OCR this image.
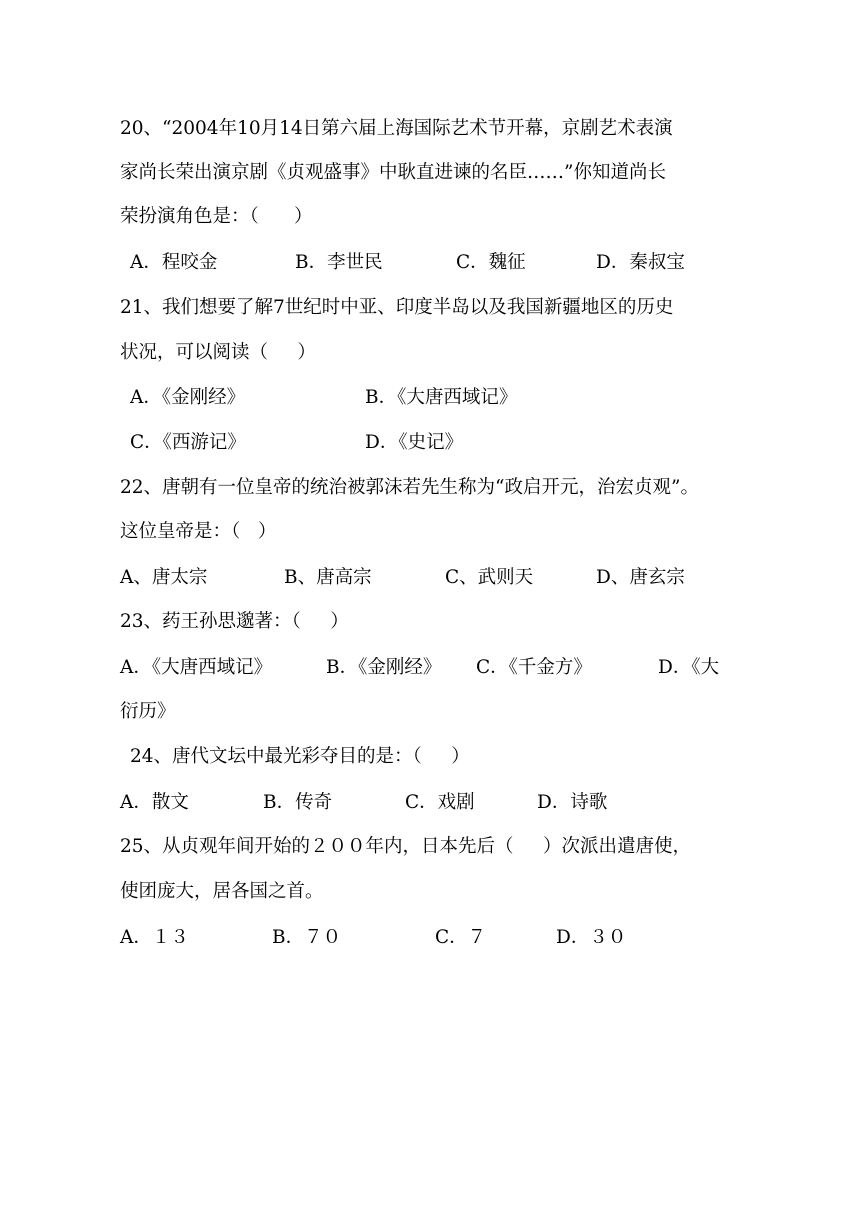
20、“2004年10月14日第六届上海国际艺术节开幕，京剧艺术表演
家尚长荣出演京剧《贞观盛事》中耿直进谏的名臣……”你知道尚长
荣扮演角色是：（      ）
A．程咬金	B．李世民	C．魏征	D．秦叔宝
21、我们想要了解7世纪时中亚、印度半岛以及我国新疆地区的历史
状况，可以阅读（     ）
A．《金刚经》	B．《大唐西域记》
C．《西游记》	D．《史记》
22、唐朝有一位皇帝的统治被郭沫若先生称为“政启开元，治宏贞观”。
这位皇帝是：（   ）
A、唐太宗	B、唐高宗	C、武则天	D、唐玄宗
23、药王孙思邈著：（     ）
A．《大唐西域记》	B．《金刚经》 C．《千金方》	D．《大
衍历》
24、唐代文坛中最光彩夺目的是：（     ）
A．散文	B．传奇	C．戏剧	D．诗歌
25、从贞观年间开始的２００年内，日本先后（     ）次派出遣唐使，
使团庞大，居各国之首。
A．１３	B．７０	C．７	D．３０
